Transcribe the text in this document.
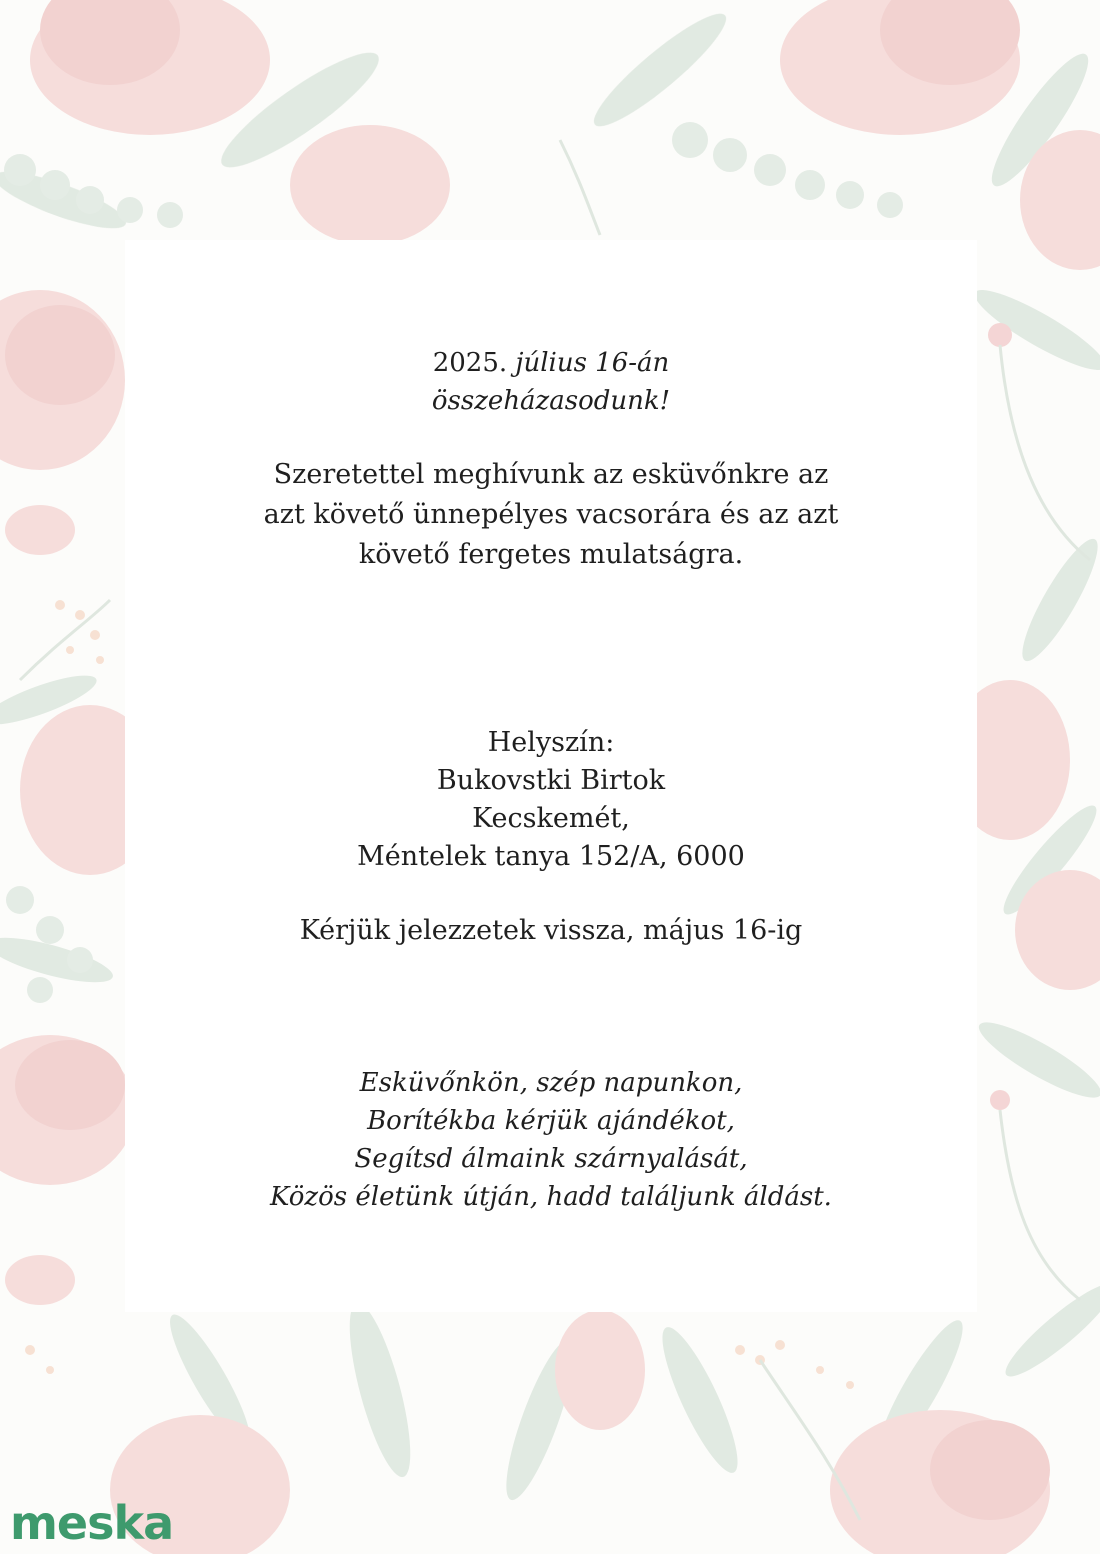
2025. július 16-án
összeházasodunk!

Szeretettel meghívunk az esküvőnkre az
azt követő ünnepélyes vacsorára és az azt
követő fergetes mulatságra.

Helyszín:
Bukovstki Birtok
Kecskemét,
Méntelek tanya 152/A, 6000

Kérjük jelezzetek vissza, május 16-ig

Esküvőnkön, szép napunkon,
Borítékba kérjük ajándékot,
Segítsd álmaink szárnyalását,
Közös életünk útján, hadd találjunk áldást.

meska
